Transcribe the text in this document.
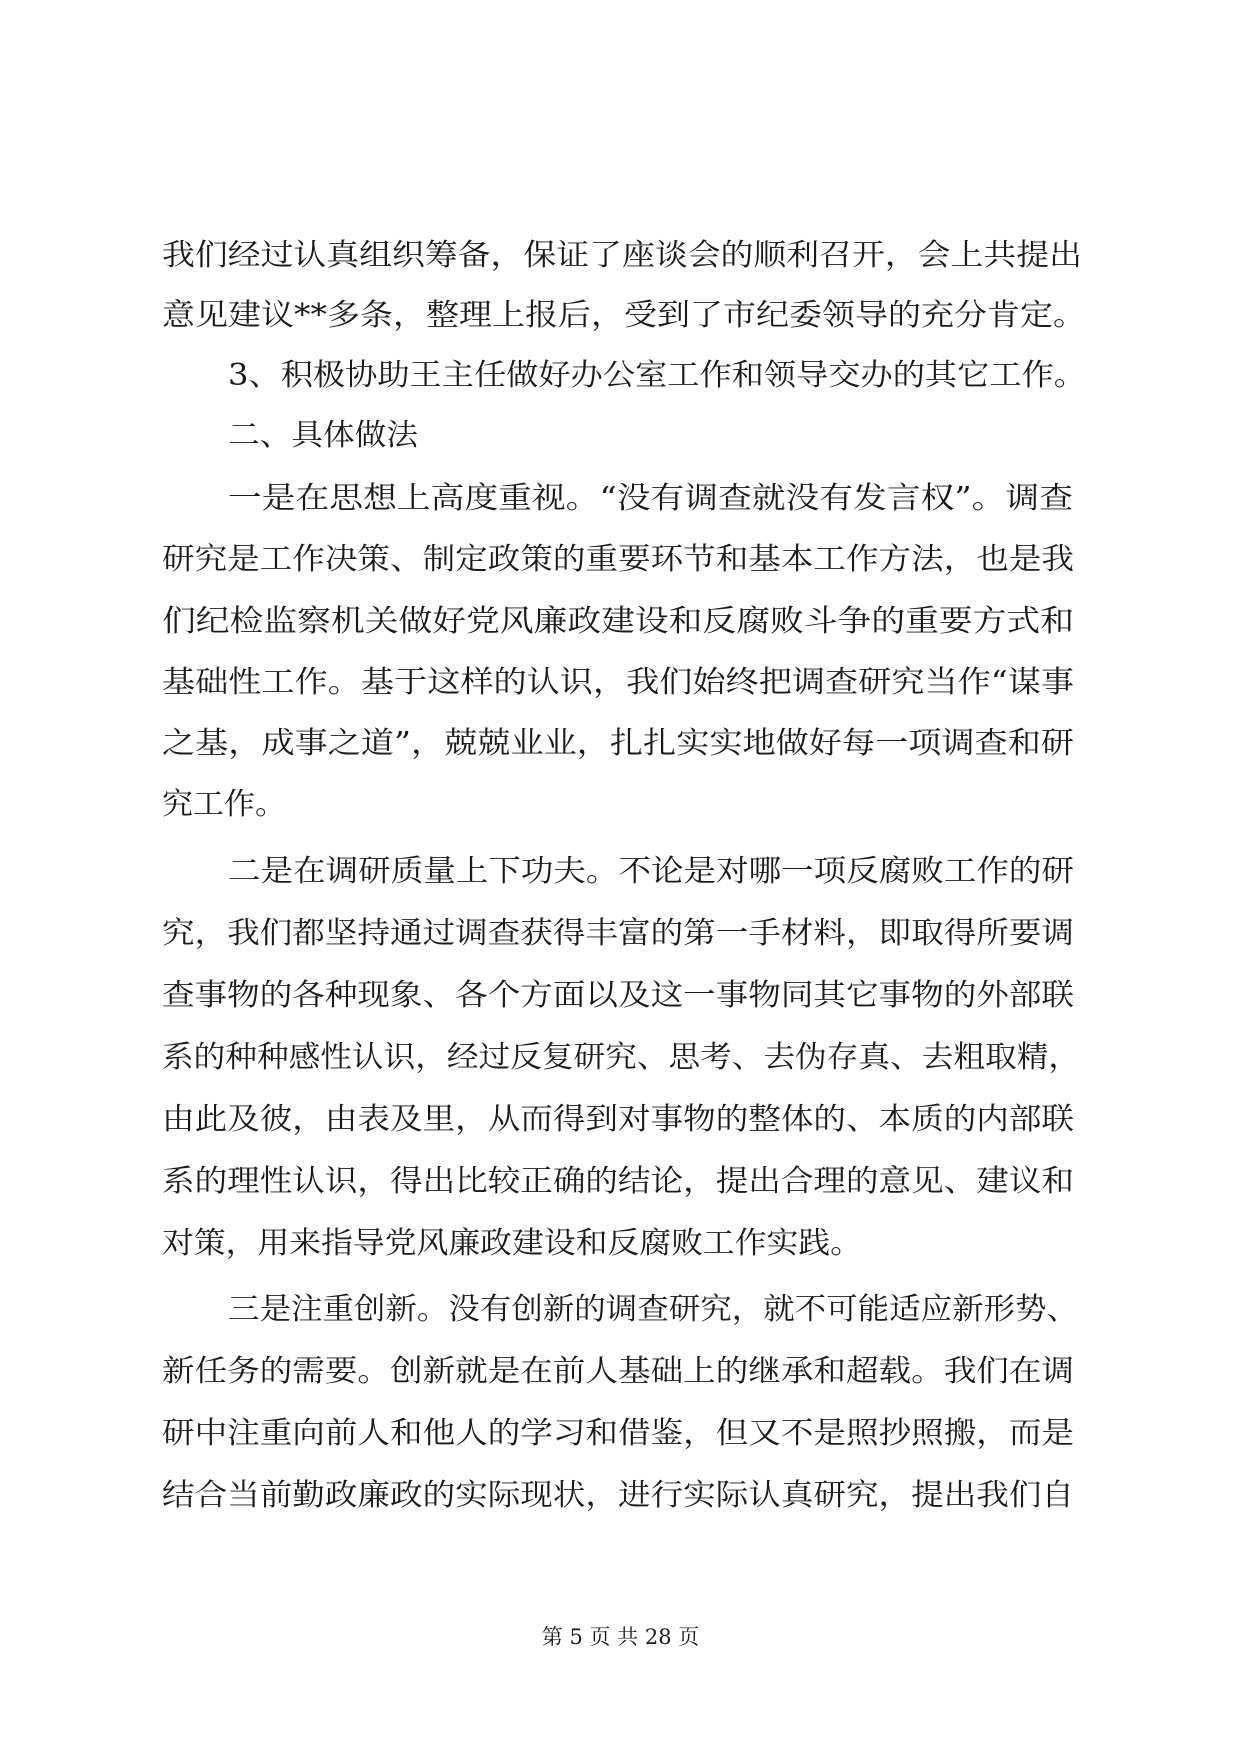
我们经过认真组织筹备，保证了座谈会的顺利召开，会上共提出

意见建议**多条，整理上报后，受到了市纪委领导的充分肯定。

3、积极协助王主任做好办公室工作和领导交办的其它工作。

二、具体做法

一是在思想上高度重视。“没有调查就没有发言权”。调查

研究是工作决策、制定政策的重要环节和基本工作方法，也是我

们纪检监察机关做好党风廉政建设和反腐败斗争的重要方式和

基础性工作。基于这样的认识，我们始终把调查研究当作“谋事

之基，成事之道”，兢兢业业，扎扎实实地做好每一项调查和研

究工作。

二是在调研质量上下功夫。不论是对哪一项反腐败工作的研

究，我们都坚持通过调查获得丰富的第一手材料，即取得所要调

查事物的各种现象、各个方面以及这一事物同其它事物的外部联

系的种种感性认识，经过反复研究、思考、去伪存真、去粗取精，

由此及彼，由表及里，从而得到对事物的整体的、本质的内部联

系的理性认识，得出比较正确的结论，提出合理的意见、建议和

对策，用来指导党风廉政建设和反腐败工作实践。

三是注重创新。没有创新的调查研究，就不可能适应新形势、

新任务的需要。创新就是在前人基础上的继承和超载。我们在调

研中注重向前人和他人的学习和借鉴，但又不是照抄照搬，而是

结合当前勤政廉政的实际现状，进行实际认真研究，提出我们自

第 5 页 共 28 页
